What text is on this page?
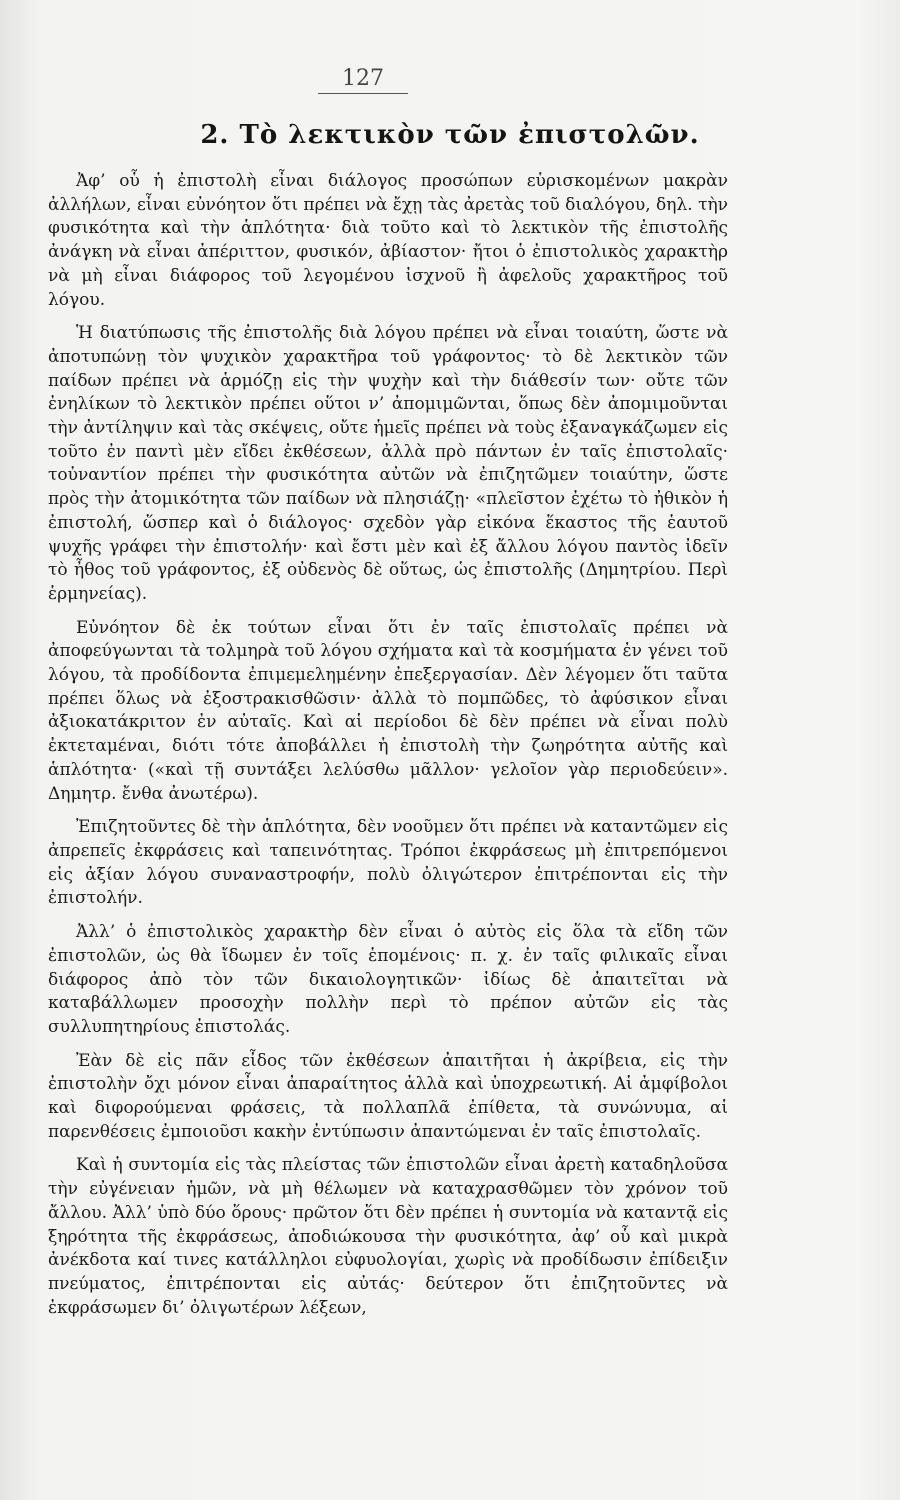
127
2. Τὸ λεκτικὸν τῶν ἐπιστολῶν.

Ἀφ’ οὗ ἡ ἐπιστολὴ εἶναι διάλογος προσώπων εὑρισκομένων μακρὰν ἀλλήλων, εἶναι εὐνόητον ὅτι πρέπει νὰ ἔχῃ τὰς ἀρετὰς τοῦ διαλόγου, δηλ. τὴν φυσικότητα καὶ τὴν ἁπλότητα· διὰ τοῦτο καὶ τὸ λεκτικὸν τῆς ἐπιστολῆς ἀνάγκη νὰ εἶναι ἀπέριττον, φυσικόν, ἀβίαστον· ἤτοι ὁ ἐπιστολικὸς χαρακτὴρ νὰ μὴ εἶναι διάφορος τοῦ λεγομένου ἰσχνοῦ ἢ ἀφελοῦς χαρακτῆρος τοῦ λόγου.

Ἡ διατύπωσις τῆς ἐπιστολῆς διὰ λόγου πρέπει νὰ εἶναι τοιαύτη, ὥστε νὰ ἀποτυπώνῃ τὸν ψυχικὸν χαρακτῆρα τοῦ γράφοντος· τὸ δὲ λεκτικὸν τῶν παίδων πρέπει νὰ ἁρμόζῃ εἰς τὴν ψυχὴν καὶ τὴν διάθεσίν των· οὔτε τῶν ἐνηλίκων τὸ λεκτικὸν πρέπει οὕτοι ν’ ἀπομιμῶνται, ὅπως δὲν ἀπομιμοῦνται τὴν ἀντίληψιν καὶ τὰς σκέψεις, οὔτε ἡμεῖς πρέπει νὰ τοὺς ἐξαναγκάζωμεν εἰς τοῦτο ἐν παντὶ μὲν εἴδει ἐκθέσεων, ἀλλὰ πρὸ πάντων ἐν ταῖς ἐπιστολαῖς· τοὐναντίον πρέπει τὴν φυσικότητα αὐτῶν νὰ ἐπιζητῶμεν τοιαύτην, ὥστε πρὸς τὴν ἀτομικότητα τῶν παίδων νὰ πλησιάζῃ· «πλεῖστον ἐχέτω τὸ ἠθικὸν ἡ ἐπιστολή, ὥσπερ καὶ ὁ διάλογος· σχεδὸν γὰρ εἰκόνα ἕκαστος τῆς ἑαυτοῦ ψυχῆς γράφει τὴν ἐπιστολήν· καὶ ἔστι μὲν καὶ ἐξ ἄλλου λόγου παντὸς ἰδεῖν τὸ ἦθος τοῦ γράφοντος, ἐξ οὐδενὸς δὲ οὕτως, ὡς ἐπιστολῆς (Δημητρίου. Περὶ ἑρμηνείας).

Εὐνόητον δὲ ἐκ τούτων εἶναι ὅτι ἐν ταῖς ἐπιστολαῖς πρέπει νὰ ἀποφεύγωνται τὰ τολμηρὰ τοῦ λόγου σχήματα καὶ τὰ κοσμήματα ἐν γένει τοῦ λόγου, τὰ προδίδοντα ἐπιμεμελημένην ἐπεξεργασίαν. Δὲν λέγομεν ὅτι ταῦτα πρέπει ὅλως νὰ ἐξοστρακισθῶσιν· ἀλλὰ τὸ πομπῶδες, τὸ ἀφύσικον εἶναι ἀξιοκατάκριτον ἐν αὐταῖς. Καὶ αἱ περίοδοι δὲ δὲν πρέπει νὰ εἶναι πολὺ ἐκτεταμέναι, διότι τότε ἀποβάλλει ἡ ἐπιστολὴ τὴν ζωηρότητα αὐτῆς καὶ ἁπλότητα· («καὶ τῇ συντάξει λελύσθω μᾶλλον· γελοῖον γὰρ περιοδεύειν». Δημητρ. ἔνθα ἀνωτέρω).

Ἐπιζητοῦντες δὲ τὴν ἁπλότητα, δὲν νοοῦμεν ὅτι πρέπει νὰ καταντῶμεν εἰς ἀπρεπεῖς ἐκφράσεις καὶ ταπεινότητας. Τρόποι ἐκφράσεως μὴ ἐπιτρεπόμενοι εἰς ἀξίαν λόγου συναναστροφήν, πολὺ ὀλιγώτερον ἐπιτρέπονται εἰς τὴν ἐπιστολήν.

Ἀλλ’ ὁ ἐπιστολικὸς χαρακτὴρ δὲν εἶναι ὁ αὐτὸς εἰς ὅλα τὰ εἴδη τῶν ἐπιστολῶν, ὡς θὰ ἴδωμεν ἐν τοῖς ἑπομένοις· π. χ. ἐν ταῖς φιλικαῖς εἶναι διάφορος ἀπὸ τὸν τῶν δικαιολογητικῶν· ἰδίως δὲ ἀπαιτεῖται νὰ καταβάλλωμεν προσοχὴν πολλὴν περὶ τὸ πρέπον αὐτῶν εἰς τὰς συλλυπητηρίους ἐπιστολάς.

Ἐὰν δὲ εἰς πᾶν εἶδος τῶν ἐκθέσεων ἀπαιτῆται ἡ ἀκρίβεια, εἰς τὴν ἐπιστολὴν ὄχι μόνον εἶναι ἀπαραίτητος ἀλλὰ καὶ ὑποχρεωτική. Αἱ ἀμφίβολοι καὶ διφορούμεναι φράσεις, τὰ πολλαπλᾶ ἐπίθετα, τὰ συνώνυμα, αἱ παρενθέσεις ἐμποιοῦσι κακὴν ἐντύπωσιν ἀπαντώμεναι ἐν ταῖς ἐπιστολαῖς.

Καὶ ἡ συντομία εἰς τὰς πλείστας τῶν ἐπιστολῶν εἶναι ἀρετὴ καταδηλοῦσα τὴν εὐγένειαν ἡμῶν, νὰ μὴ θέλωμεν νὰ καταχρασθῶμεν τὸν χρόνον τοῦ ἄλλου. Ἀλλ’ ὑπὸ δύο ὅρους· πρῶτον ὅτι δὲν πρέπει ἡ συντομία νὰ καταντᾷ εἰς ξηρότητα τῆς ἐκφράσεως, ἀποδιώκουσα τὴν φυσικότητα, ἀφ’ οὗ καὶ μικρὰ ἀνέκδοτα καί τινες κατάλληλοι εὐφυολογίαι, χωρὶς νὰ προδίδωσιν ἐπίδειξιν πνεύματος, ἐπιτρέπονται εἰς αὐτάς· δεύτερον ὅτι ἐπιζητοῦντες νὰ ἐκφράσωμεν δι’ ὀλιγωτέρων λέξεων,
